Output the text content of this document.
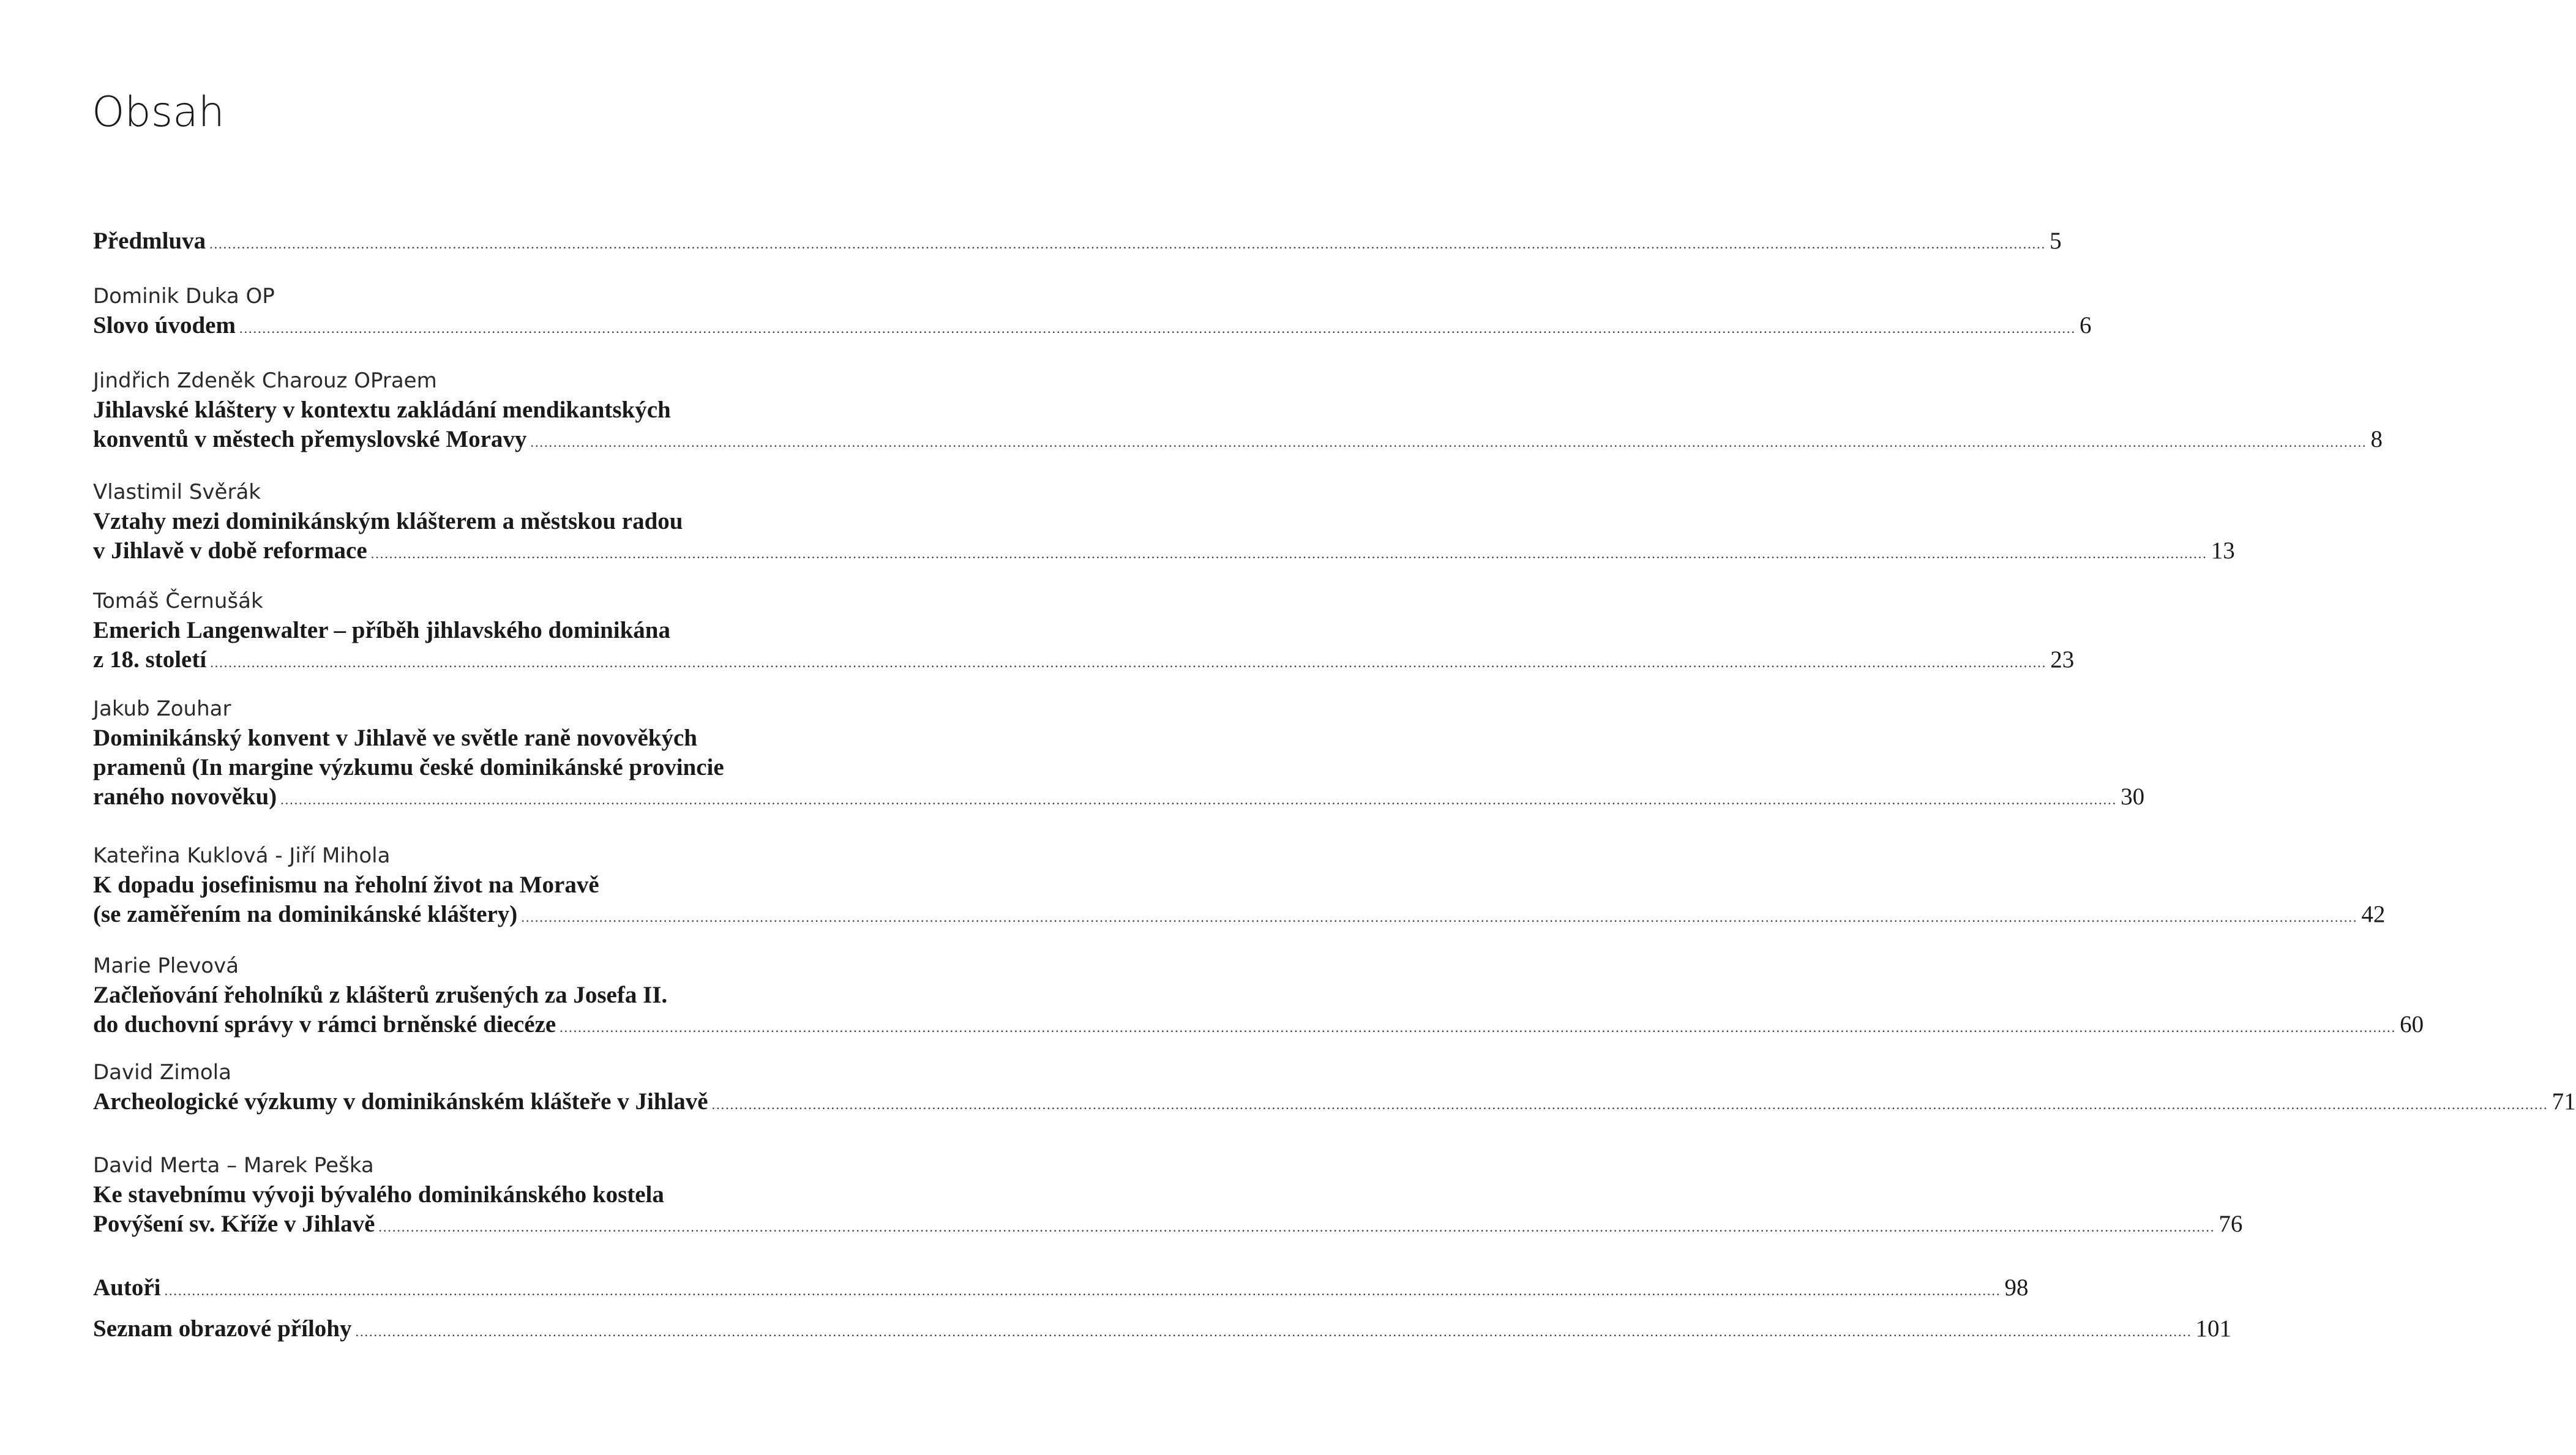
Obsah
Předmluva ................................................................................................................................................................................................................................................................................................................................................................................................................ 5
Dominik Duka OP
Slovo úvodem ................................................................................................................................................................................................................................................................................................................................................................................................................ 6
Jindřich Zdeněk Charouz OPraem
Jihlavské kláštery v kontextu zakládání mendikantských
konventů v městech přemyslovské Moravy ................................................................................................................................................................................................................................................................................................................................................................................................................ 8
Vlastimil Svěrák
Vztahy mezi dominikánským klášterem a městskou radou
v Jihlavě v době reformace ................................................................................................................................................................................................................................................................................................................................................................................................................ 13
Tomáš Černušák
Emerich Langenwalter – příběh jihlavského dominikána
z 18. století ................................................................................................................................................................................................................................................................................................................................................................................................................ 23
Jakub Zouhar
Dominikánský konvent v Jihlavě ve světle raně novověkých
pramenů (In margine výzkumu české dominikánské provincie
raného novověku) ................................................................................................................................................................................................................................................................................................................................................................................................................ 30
Kateřina Kuklová - Jiří Mihola
K dopadu josefinismu na řeholní život na Moravě
(se zaměřením na dominikánské kláštery) ................................................................................................................................................................................................................................................................................................................................................................................................................ 42
Marie Plevová
Začleňování řeholníků z klášterů zrušených za Josefa II.
do duchovní správy v rámci brněnské diecéze ................................................................................................................................................................................................................................................................................................................................................................................................................ 60
David Zimola
Archeologické výzkumy v dominikánském klášteře v Jihlavě ................................................................................................................................................................................................................................................................................................................................................................................................................ 71
David Merta – Marek Peška
Ke stavebnímu vývoji bývalého dominikánského kostela
Povýšení sv. Kříže v Jihlavě ................................................................................................................................................................................................................................................................................................................................................................................................................ 76
Autoři ................................................................................................................................................................................................................................................................................................................................................................................................................ 98
Seznam obrazové přílohy ................................................................................................................................................................................................................................................................................................................................................................................................................ 101
